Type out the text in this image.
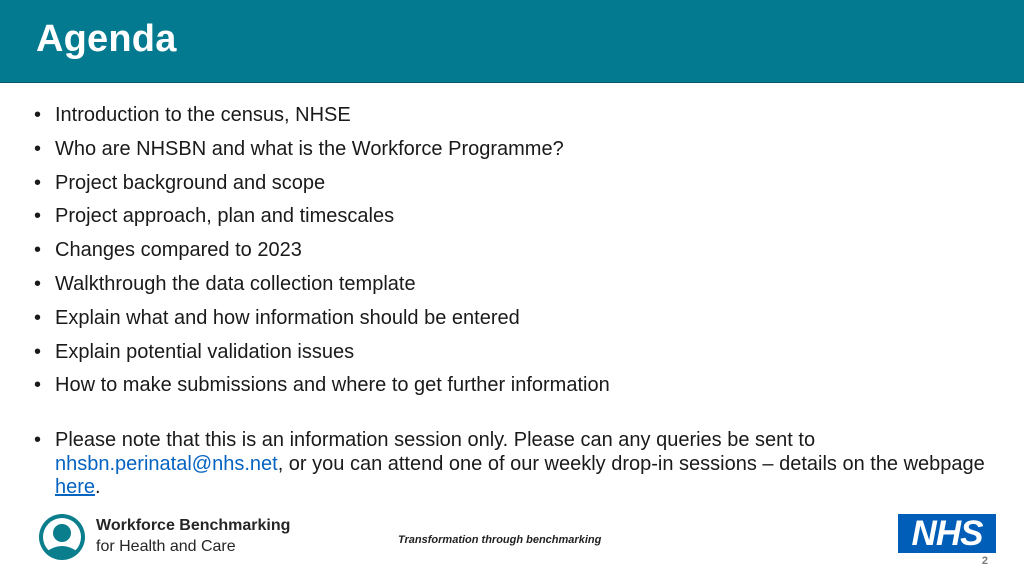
Agenda
• Introduction to the census, NHSE
• Who are NHSBN and what is the Workforce Programme?
• Project background and scope
• Project approach, plan and timescales
• Changes compared to 2023
• Walkthrough the data collection template
• Explain what and how information should be entered
• Explain potential validation issues
• How to make submissions and where to get further information
• Please note that this is an information session only. Please can any queries be sent to nhsbn.perinatal@nhs.net, or you can attend one of our weekly drop-in sessions – details on the webpage here.
Workforce Benchmarking
for Health and Care	Transformation through benchmarking	NHS
2
